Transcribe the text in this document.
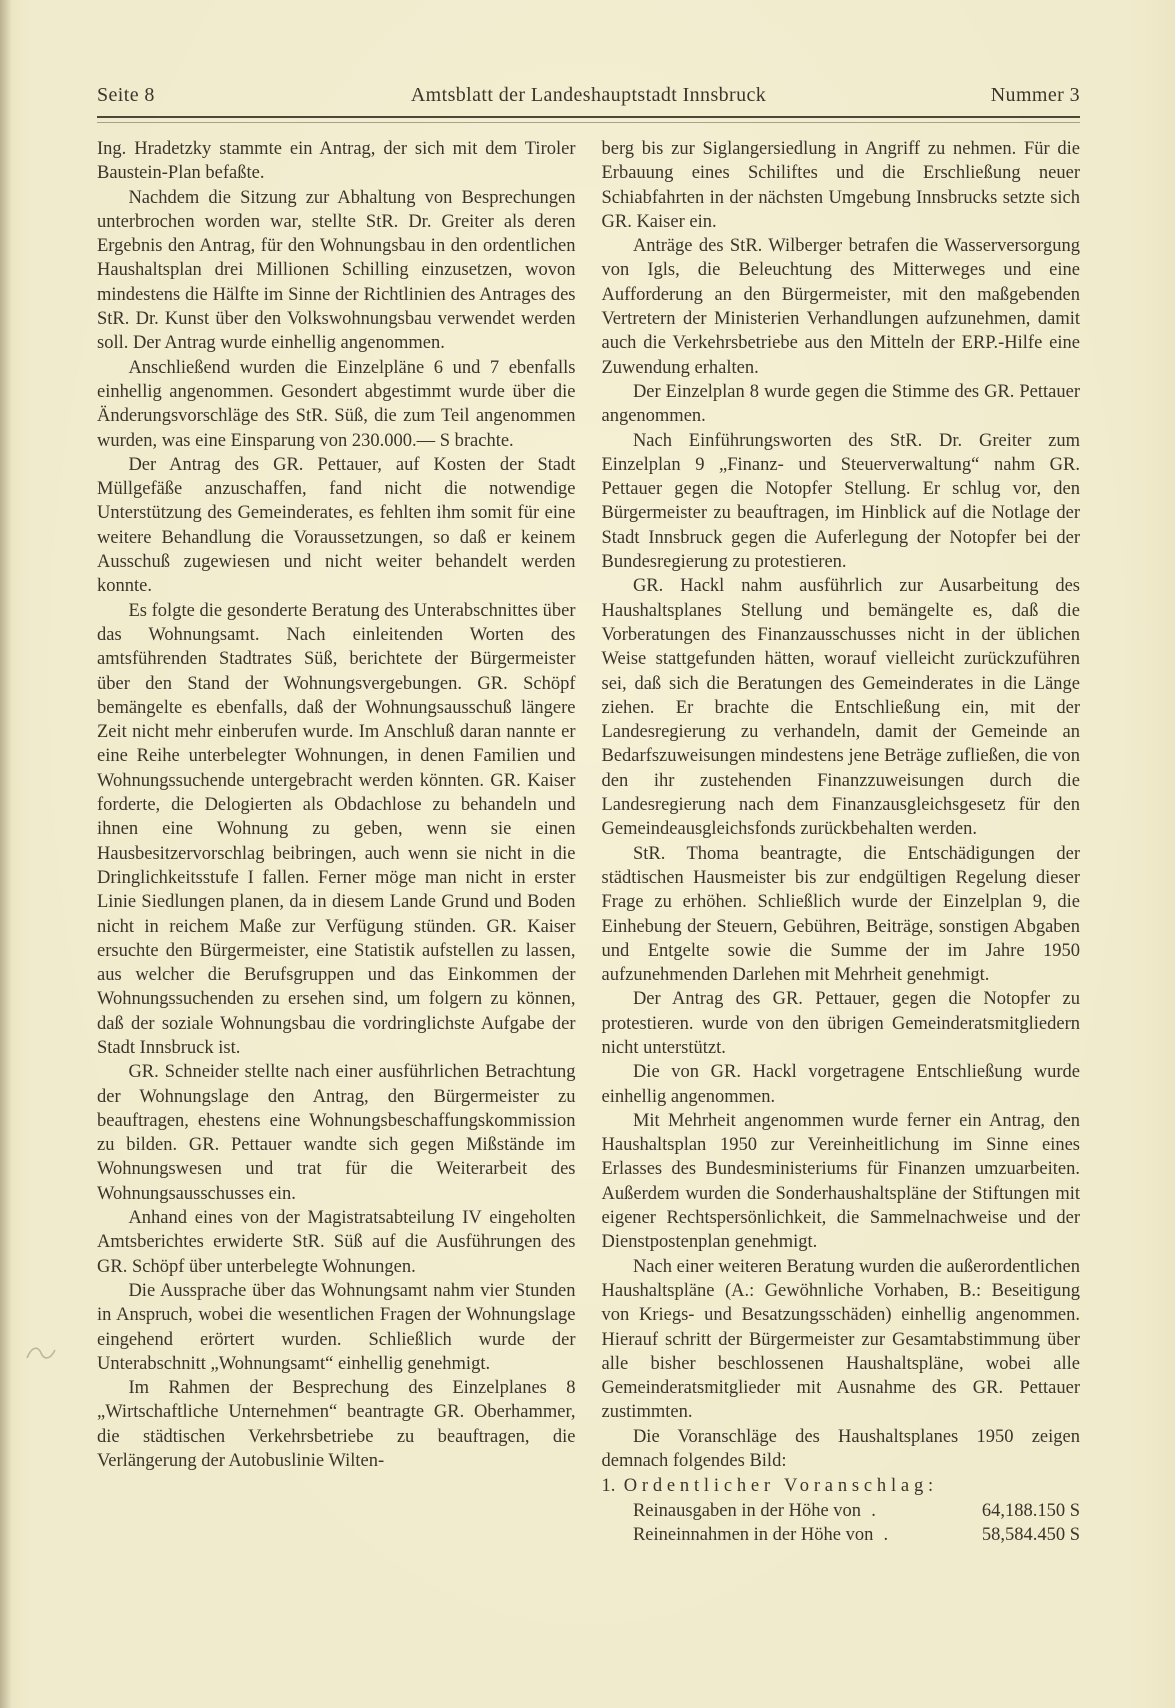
Seite 8	Amtsblatt der Landeshauptstadt Innsbruck	Nummer 3

Ing. Hradetzky stammte ein Antrag, der sich mit dem Tiroler Baustein-Plan befaßte.

Nachdem die Sitzung zur Abhaltung von Besprechungen unterbrochen worden war, stellte StR. Dr. Greiter als deren Ergebnis den Antrag, für den Wohnungsbau in den ordentlichen Haushaltsplan drei Millionen Schilling einzusetzen, wovon mindestens die Hälfte im Sinne der Richtlinien des Antrages des StR. Dr. Kunst über den Volkswohnungsbau verwendet werden soll. Der Antrag wurde einhellig angenommen.

Anschließend wurden die Einzelpläne 6 und 7 ebenfalls einhellig angenommen. Gesondert abgestimmt wurde über die Änderungsvorschläge des StR. Süß, die zum Teil angenommen wurden, was eine Einsparung von 230.000.— S brachte.

Der Antrag des GR. Pettauer, auf Kosten der Stadt Müllgefäße anzuschaffen, fand nicht die notwendige Unterstützung des Gemeinderates, es fehlten ihm somit für eine weitere Behandlung die Voraussetzungen, so daß er keinem Ausschuß zugewiesen und nicht weiter behandelt werden konnte.

Es folgte die gesonderte Beratung des Unterabschnittes über das Wohnungsamt. Nach einleitenden Worten des amtsführenden Stadtrates Süß, berichtete der Bürgermeister über den Stand der Wohnungsvergebungen. GR. Schöpf bemängelte es ebenfalls, daß der Wohnungsausschuß längere Zeit nicht mehr einberufen wurde. Im Anschluß daran nannte er eine Reihe unterbelegter Wohnungen, in denen Familien und Wohnungssuchende untergebracht werden könnten. GR. Kaiser forderte, die Delogierten als Obdachlose zu behandeln und ihnen eine Wohnung zu geben, wenn sie einen Hausbesitzervorschlag beibringen, auch wenn sie nicht in die Dringlichkeitsstufe I fallen. Ferner möge man nicht in erster Linie Siedlungen planen, da in diesem Lande Grund und Boden nicht in reichem Maße zur Verfügung stünden. GR. Kaiser ersuchte den Bürgermeister, eine Statistik aufstellen zu lassen, aus welcher die Berufsgruppen und das Einkommen der Wohnungssuchenden zu ersehen sind, um folgern zu können, daß der soziale Wohnungsbau die vordringlichste Aufgabe der Stadt Innsbruck ist.

GR. Schneider stellte nach einer ausführlichen Betrachtung der Wohnungslage den Antrag, den Bürgermeister zu beauftragen, ehestens eine Wohnungsbeschaffungskommission zu bilden. GR. Pettauer wandte sich gegen Mißstände im Wohnungswesen und trat für die Weiterarbeit des Wohnungsausschusses ein.

Anhand eines von der Magistratsabteilung IV eingeholten Amtsberichtes erwiderte StR. Süß auf die Ausführungen des GR. Schöpf über unterbelegte Wohnungen.

Die Aussprache über das Wohnungsamt nahm vier Stunden in Anspruch, wobei die wesentlichen Fragen der Wohnungslage eingehend erörtert wurden. Schließlich wurde der Unterabschnitt „Wohnungsamt“ einhellig genehmigt.

Im Rahmen der Besprechung des Einzelplanes 8 „Wirtschaftliche Unternehmen“ beantragte GR. Oberhammer, die städtischen Verkehrsbetriebe zu beauftragen, die Verlängerung der Autobuslinie Wilten-

berg bis zur Siglangersiedlung in Angriff zu nehmen. Für die Erbauung eines Schiliftes und die Erschließung neuer Schiabfahrten in der nächsten Umgebung Innsbrucks setzte sich GR. Kaiser ein.

Anträge des StR. Wilberger betrafen die Wasserversorgung von Igls, die Beleuchtung des Mitterweges und eine Aufforderung an den Bürgermeister, mit den maßgebenden Vertretern der Ministerien Verhandlungen aufzunehmen, damit auch die Verkehrsbetriebe aus den Mitteln der ERP.-Hilfe eine Zuwendung erhalten.

Der Einzelplan 8 wurde gegen die Stimme des GR. Pettauer angenommen.

Nach Einführungsworten des StR. Dr. Greiter zum Einzelplan 9 „Finanz- und Steuerverwaltung“ nahm GR. Pettauer gegen die Notopfer Stellung. Er schlug vor, den Bürgermeister zu beauftragen, im Hinblick auf die Notlage der Stadt Innsbruck gegen die Auferlegung der Notopfer bei der Bundesregierung zu protestieren.

GR. Hackl nahm ausführlich zur Ausarbeitung des Haushaltsplanes Stellung und bemängelte es, daß die Vorberatungen des Finanzausschusses nicht in der üblichen Weise stattgefunden hätten, worauf vielleicht zurückzuführen sei, daß sich die Beratungen des Gemeinderates in die Länge ziehen. Er brachte die Entschließung ein, mit der Landesregierung zu verhandeln, damit der Gemeinde an Bedarfszuweisungen mindestens jene Beträge zufließen, die von den ihr zustehenden Finanzzuweisungen durch die Landesregierung nach dem Finanzausgleichsgesetz für den Gemeindeausgleichsfonds zurückbehalten werden.

StR. Thoma beantragte, die Entschädigungen der städtischen Hausmeister bis zur endgültigen Regelung dieser Frage zu erhöhen. Schließlich wurde der Einzelplan 9, die Einhebung der Steuern, Gebühren, Beiträge, sonstigen Abgaben und Entgelte sowie die Summe der im Jahre 1950 aufzunehmenden Darlehen mit Mehrheit genehmigt.

Der Antrag des GR. Pettauer, gegen die Notopfer zu protestieren. wurde von den übrigen Gemeinderatsmitgliedern nicht unterstützt.

Die von GR. Hackl vorgetragene Entschließung wurde einhellig angenommen.

Mit Mehrheit angenommen wurde ferner ein Antrag, den Haushaltsplan 1950 zur Vereinheitlichung im Sinne eines Erlasses des Bundesministeriums für Finanzen umzuarbeiten. Außerdem wurden die Sonderhaushaltspläne der Stiftungen mit eigener Rechtspersönlichkeit, die Sammelnachweise und der Dienstpostenplan genehmigt.

Nach einer weiteren Beratung wurden die außerordentlichen Haushaltspläne (A.: Gewöhnliche Vorhaben, B.: Beseitigung von Kriegs- und Besatzungsschäden) einhellig angenommen. Hierauf schritt der Bürgermeister zur Gesamtabstimmung über alle bisher beschlossenen Haushaltspläne, wobei alle Gemeinderatsmitglieder mit Ausnahme des GR. Pettauer zustimmten.

Die Voranschläge des Haushaltsplanes 1950 zeigen demnach folgendes Bild:

1. Ordentlicher Voranschlag:

Reinausgaben in der Höhe von .	64,188.150 S
Reineinnahmen in der Höhe von .	58,584.450 S
